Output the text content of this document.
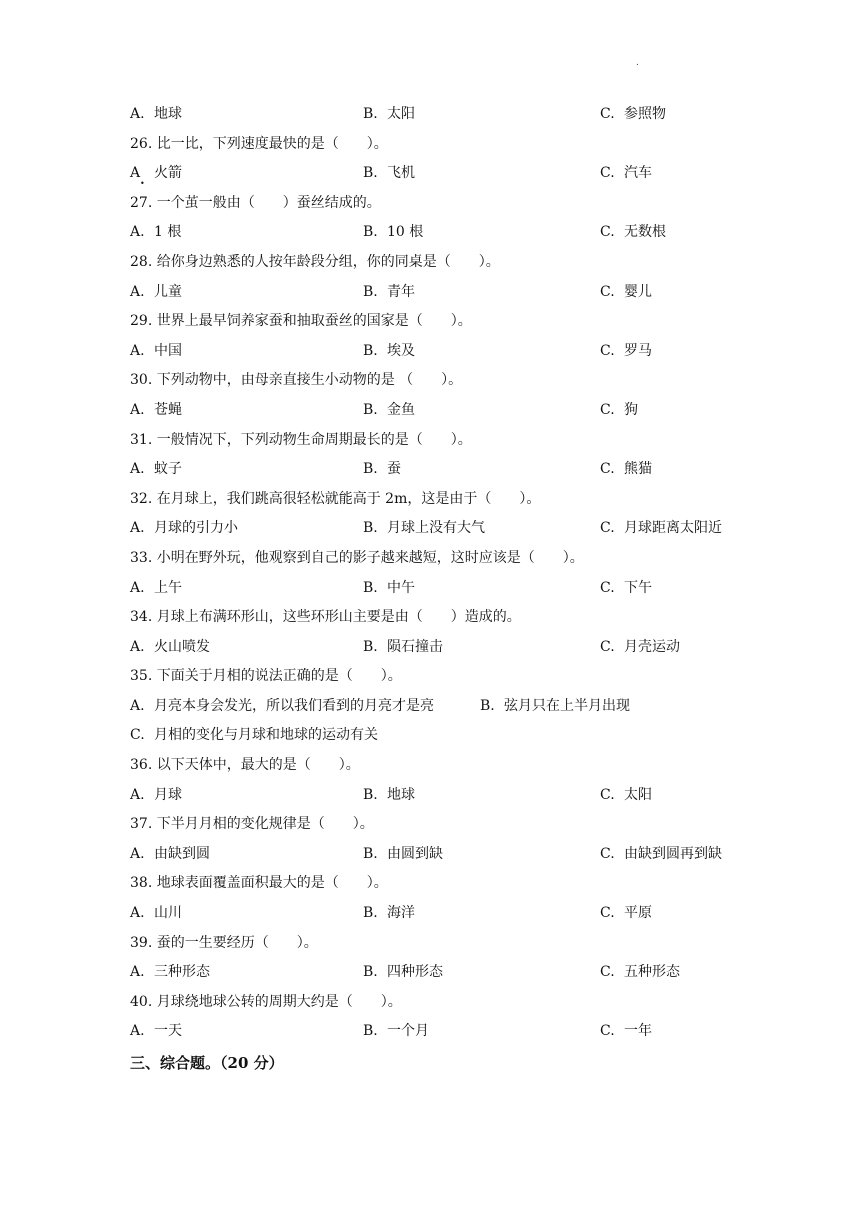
.
A. 地球	B. 太阳	C. 参照物
26. 比一比，下列速度最快的是（　　）。
A 火箭	B. 飞机	C. 汽车
•
27. 一个茧一般由（　　）蚕丝结成的。
A. 1 根	B. 10 根	C. 无数根
28. 给你身边熟悉的人按年龄段分组，你的同桌是（　　）。
A. 儿童	B. 青年	C. 婴儿
29. 世界上最早饲养家蚕和抽取蚕丝的国家是（　　）。
A. 中国	B. 埃及	C. 罗马
30. 下列动物中，由母亲直接生小动物的是 （　　）。
A. 苍蝇	B. 金鱼	C. 狗
31. 一般情况下，下列动物生命周期最长的是（　　）。
A. 蚊子	B. 蚕	C. 熊猫
32. 在月球上，我们跳高很轻松就能高于 2m，这是由于（　　）。
A. 月球的引力小	B. 月球上没有大气	C. 月球距离太阳近
33. 小明在野外玩，他观察到自己的影子越来越短，这时应该是（　　）。
A. 上午	B. 中午	C. 下午
34. 月球上布满环形山，这些环形山主要是由（　　）造成的。
A. 火山喷发	B. 陨石撞击	C. 月壳运动
35. 下面关于月相的说法正确的是（　　）。
A. 月亮本身会发光，所以我们看到的月亮才是亮	B. 弦月只在上半月出现
C. 月相的变化与月球和地球的运动有关
36. 以下天体中，最大的是（　　）。
A. 月球	B. 地球	C. 太阳
37. 下半月月相的变化规律是（　　）。
A. 由缺到圆	B. 由圆到缺	C. 由缺到圆再到缺
38. 地球表面覆盖面积最大的是（　　）。
A. 山川	B. 海洋	C. 平原
39. 蚕的一生要经历（　　）。
A. 三种形态	B. 四种形态	C. 五种形态
40. 月球绕地球公转的周期大约是（　　）。
A. 一天	B. 一个月	C. 一年
三、综合题。（20 分）
